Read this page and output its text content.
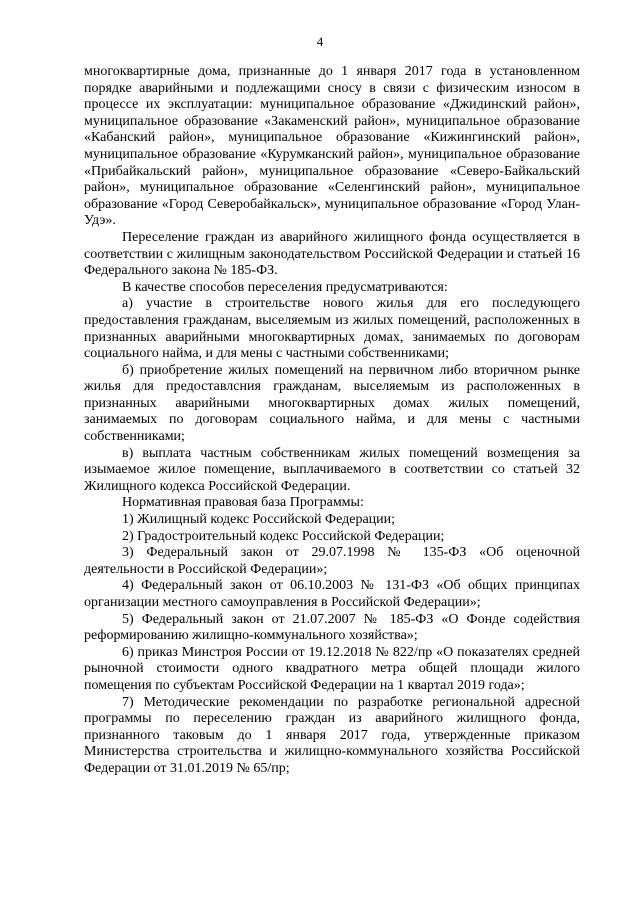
4

многоквартирные дома, признанные до 1 января 2017 года в установленном порядке аварийными и подлежащими сносу в связи с физическим износом в процессе их эксплуатации: муниципальное образование «Джидинский район», муниципальное образование «Закаменский район», муниципальное образование «Кабанский район», муниципальное образование «Кижингинский район», муниципальное образование «Курумканский район», муниципальное образование «Прибайкальский район», муниципальное образование «Северо-Байкальский район», муниципальное образование «Селенгинский район», муниципальное образование «Город Северобайкальск», муниципальное образование «Город Улан-Удэ».

Переселение граждан из аварийного жилищного фонда осуществляется в соответствии с жилищным законодательством Российской Федерации и статьей 16 Федерального закона № 185-ФЗ.

В качестве способов переселения предусматриваются:

а) участие в строительстве нового жилья для его последующего предоставления гражданам, выселяемым из жилых помещений, расположенных в признанных аварийными многоквартирных домах, занимаемых по договорам социального найма, и для мены с частными собственниками;

б) приобретение жилых помещений на первичном либо вторичном рынке жилья для предоставлсния гражданам, выселяемым из расположенных в признанных аварийными многоквартирных домах жилых помещений, занимаемых по договорам социального найма, и для мены с частными собственниками;

в) выплата частным собственникам жилых помещений возмещения за изымаемое жилое помещение, выплачиваемого в соответствии со статьей 32 Жилищного кодекса Российской Федерации.

Нормативная правовая база Программы:

1) Жилищный кодекс Российской Федерации;

2) Градостроительный кодекс Российской Федерации;

3) Федеральный закон от 29.07.1998 № 135-ФЗ «Об оценочной деятельности в Российской Федерации»;

4) Федеральный закон от 06.10.2003 № 131-ФЗ «Об общих принципах организации местного самоуправления в Российской Федерации»;

5) Федеральный закон от 21.07.2007 № 185-ФЗ «О Фонде содействия реформированию жилищно-коммунального хозяйства»;

6) приказ Минстроя России от 19.12.2018 № 822/пр «О показателях средней рыночной стоимости одного квадратного метра общей площади жилого помещения по субъектам Российской Федерации на 1 квартал 2019 года»;

7) Методические рекомендации по разработке региональной адресной программы по переселению граждан из аварийного жилищного фонда, признанного таковым до 1 января 2017 года, утвержденные приказом Министерства строительства и жилищно-коммунального хозяйства Российской Федерации от 31.01.2019 № 65/пр;
